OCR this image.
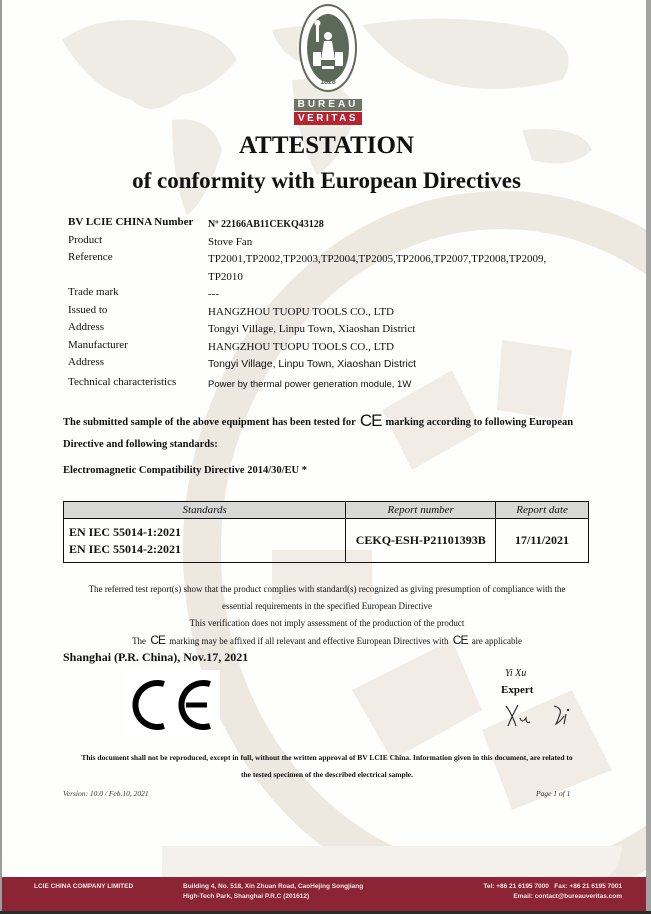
1828
BUREAU
VERITAS
ATTESTATION
of conformity with European Directives
BV LCIE CHINA Number	Nº 22166AB11CEKQ43128
Product	Stove Fan
Reference	TP2001,TP2002,TP2003,TP2004,TP2005,TP2006,TP2007,TP2008,TP2009,
TP2010
Trade mark	---
Issued to	HANGZHOU TUOPU TOOLS CO., LTD
Address	Tongyi Village, Linpu Town, Xiaoshan District
Manufacturer	HANGZHOU TUOPU TOOLS CO., LTD
Address	Tongyi Village, Linpu Town, Xiaoshan District
Technical characteristics	Power by thermal power generation module, 1W
The submitted sample of the above equipment has been tested for CE marking according to following European
Directive and following standards:
Electromagnetic Compatibility Directive 2014/30/EU *
Standards	Report number	Report date
EN IEC 55014-1:2021
EN IEC 55014-2:2021	CEKQ-ESH-P21101393B	17/11/2021
The referred test report(s) show that the product complies with standard(s) recognized as giving presumption of compliance with the
essential requirements in the specified European Directive
This verification does not imply assessment of the production of the product
The CE marking may be affixed if all relevant and effective European Directives with CE are applicable
Shanghai (P.R. China), Nov.17, 2021
Yi Xu
Expert
This document shall not be reproduced, except in full, without the written approval of BV LCIE China. Information given in this document, are related to
the tested specimen of the described electrical sample.
Version: 10.0 / Feb.10, 2021	Page 1 of 1
LCIE CHINA COMPANY LIMITED	Building 4, No. 518, Xin Zhuan Road, CaoHejing Songjiang
High-Tech Park, Shanghai P.R.C (201612)
Tel: +86 21 6195 7000   Fax: +86 21 6195 7001
Email: contact@bureauveritas.com
